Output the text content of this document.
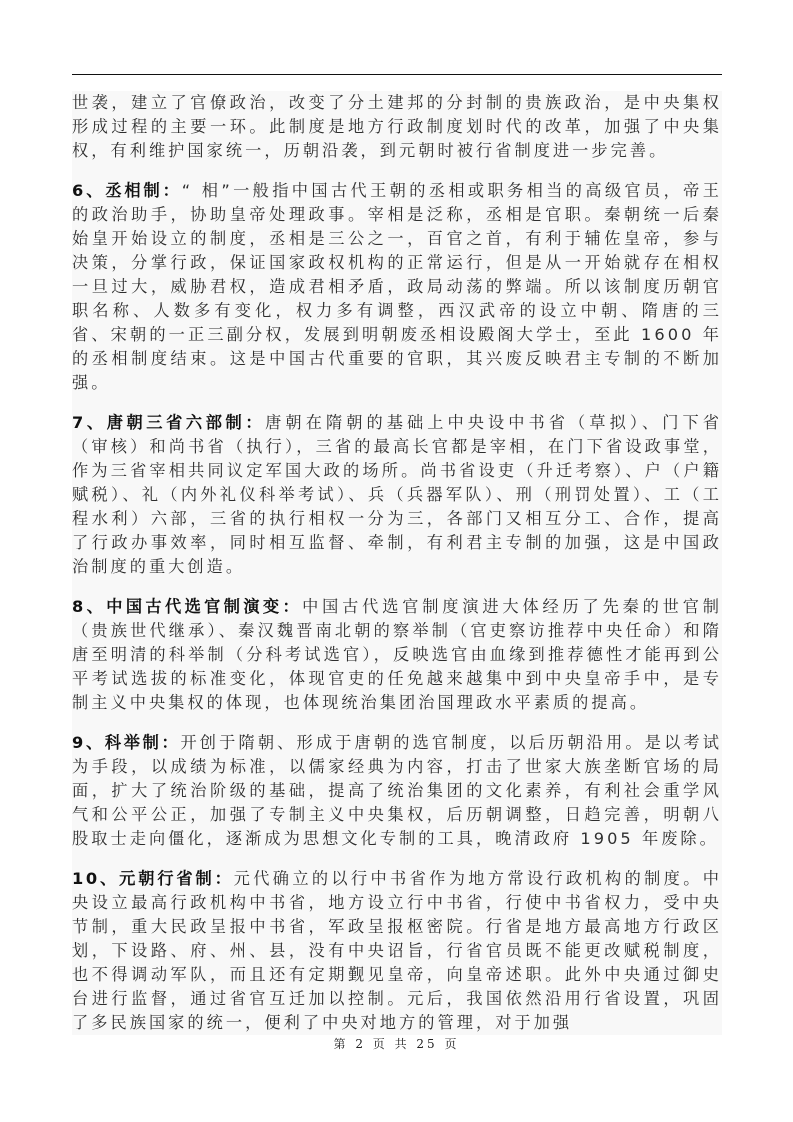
世袭，建立了官僚政治，改变了分土建邦的分封制的贵族政治，是中央集权形成过程的主要一环。此制度是地方行政制度划时代的改革，加强了中央集权，有利维护国家统一，历朝沿袭，到元朝时被行省制度进一步完善。

6、丞相制：“ 相”一般指中国古代王朝的丞相或职务相当的高级官员，帝王的政治助手，协助皇帝处理政事。宰相是泛称，丞相是官职。秦朝统一后秦始皇开始设立的制度，丞相是三公之一，百官之首，有利于辅佐皇帝，参与决策，分掌行政，保证国家政权机构的正常运行，但是从一开始就存在相权一旦过大，威胁君权，造成君相矛盾，政局动荡的弊端。所以该制度历朝官职名称、人数多有变化，权力多有调整，西汉武帝的设立中朝、隋唐的三省、宋朝的一正三副分权，发展到明朝废丞相设殿阁大学士，至此 1600 年的丞相制度结束。这是中国古代重要的官职，其兴废反映君主专制的不断加强。

7、唐朝三省六部制：唐朝在隋朝的基础上中央设中书省（草拟）、门下省（审核）和尚书省（执行），三省的最高长官都是宰相，在门下省设政事堂，作为三省宰相共同议定军国大政的场所。尚书省设吏（升迁考察）、户（户籍赋税）、礼（内外礼仪科举考试）、兵（兵器军队）、刑（刑罚处置）、工（工程水利）六部，三省的执行相权一分为三，各部门又相互分工、合作，提高了行政办事效率，同时相互监督、牵制，有利君主专制的加强，这是中国政治制度的重大创造。

8、中国古代选官制演变：中国古代选官制度演进大体经历了先秦的世官制（贵族世代继承）、秦汉魏晋南北朝的察举制（官吏察访推荐中央任命）和隋唐至明清的科举制（分科考试选官），反映选官由血缘到推荐德性才能再到公平考试选拔的标准变化，体现官吏的任免越来越集中到中央皇帝手中，是专制主义中央集权的体现，也体现统治集团治国理政水平素质的提高。

9、科举制：开创于隋朝、形成于唐朝的选官制度，以后历朝沿用。是以考试为手段，以成绩为标准，以儒家经典为内容，打击了世家大族垄断官场的局面，扩大了统治阶级的基础，提高了统治集团的文化素养，有利社会重学风气和公平公正，加强了专制主义中央集权，后历朝调整，日趋完善，明朝八股取士走向僵化，逐渐成为思想文化专制的工具，晚清政府 1905 年废除。

10、元朝行省制：元代确立的以行中书省作为地方常设行政机构的制度。中央设立最高行政机构中书省，地方设立行中书省，行使中书省权力，受中央节制，重大民政呈报中书省，军政呈报枢密院。行省是地方最高地方行政区划，下设路、府、州、县，没有中央诏旨，行省官员既不能更改赋税制度，也不得调动军队，而且还有定期觐见皇帝，向皇帝述职。此外中央通过御史台进行监督，通过省官互迁加以控制。元后，我国依然沿用行省设置，巩固了多民族国家的统一，便利了中央对地方的管理，对于加强

第 2 页 共 25 页
